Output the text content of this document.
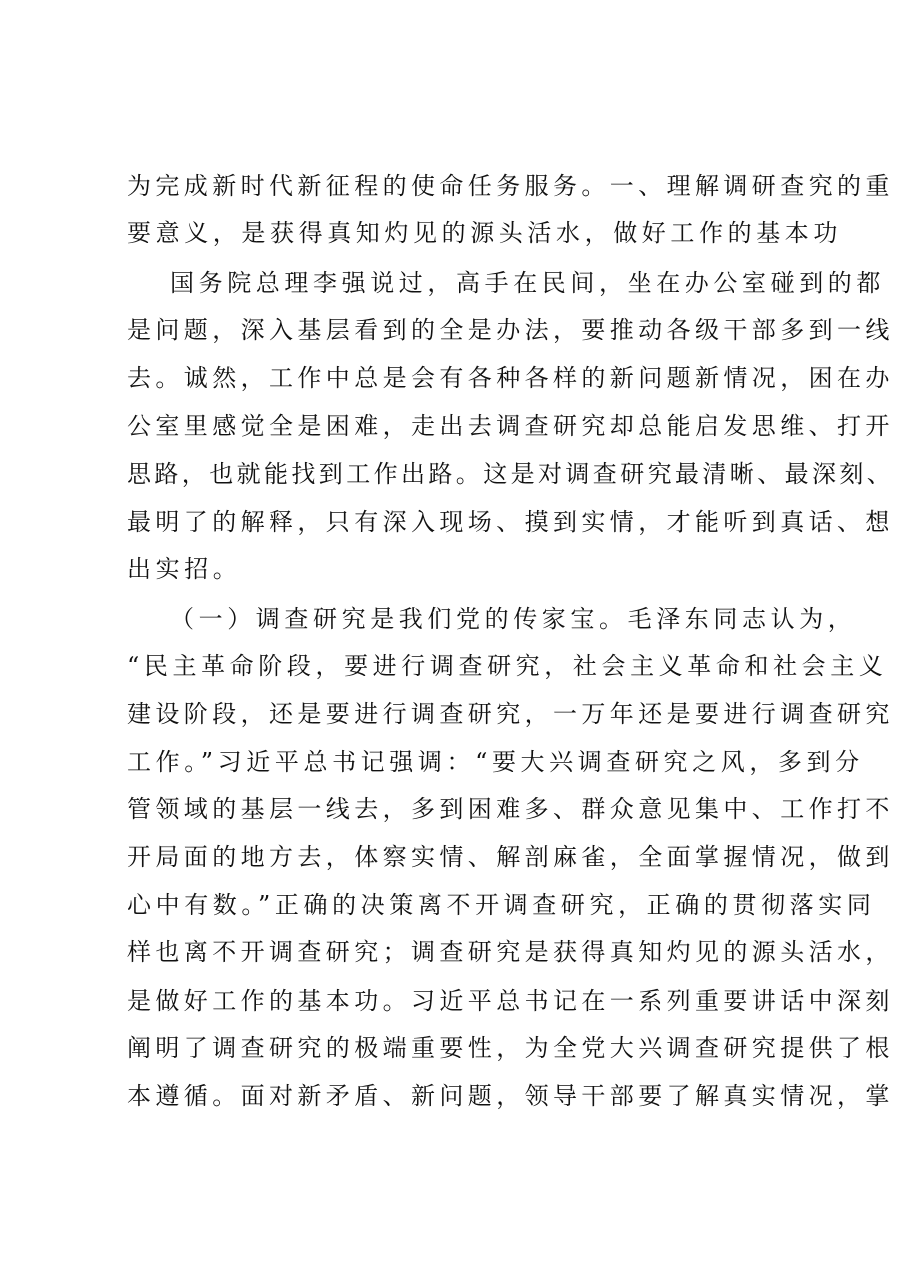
为完成新时代新征程的使命任务服务。一、理解调研查究的重

要意义，是获得真知灼见的源头活水，做好工作的基本功

国务院总理李强说过，高手在民间，坐在办公室碰到的都

是问题，深入基层看到的全是办法，要推动各级干部多到一线

去。诚然，工作中总是会有各种各样的新问题新情况，困在办

公室里感觉全是困难，走出去调查研究却总能启发思维、打开

思路，也就能找到工作出路。这是对调查研究最清晰、最深刻、

最明了的解释，只有深入现场、摸到实情，才能听到真话、想

出实招。

（一）调查研究是我们党的传家宝。毛泽东同志认为，

“民主革命阶段，要进行调查研究，社会主义革命和社会主义

建设阶段，还是要进行调查研究，一万年还是要进行调查研究

工作。”习近平总书记强调：“要大兴调查研究之风，多到分

管领域的基层一线去，多到困难多、群众意见集中、工作打不

开局面的地方去，体察实情、解剖麻雀，全面掌握情况，做到

心中有数。”正确的决策离不开调查研究，正确的贯彻落实同

样也离不开调查研究；调查研究是获得真知灼见的源头活水，

是做好工作的基本功。习近平总书记在一系列重要讲话中深刻

阐明了调查研究的极端重要性，为全党大兴调查研究提供了根

本遵循。面对新矛盾、新问题，领导干部要了解真实情况，掌
